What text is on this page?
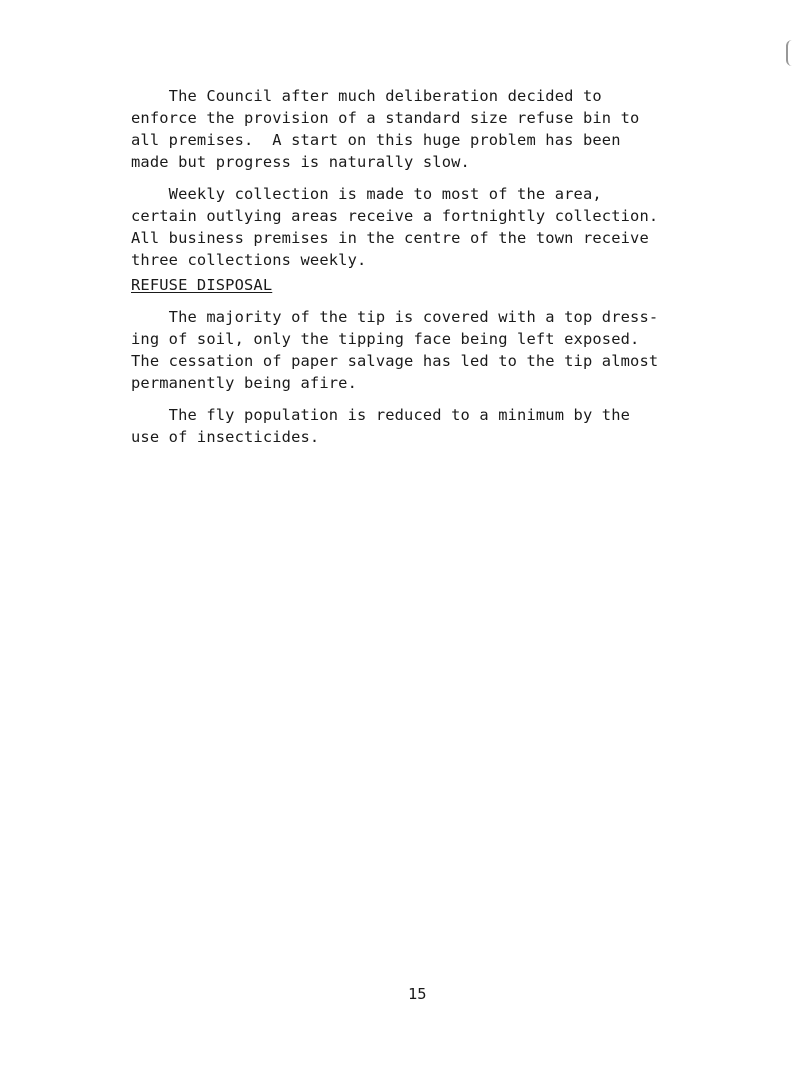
The Council after much deliberation decided to
enforce the provision of a standard size refuse bin to
all premises.  A start on this huge problem has been
made but progress is naturally slow.
Weekly collection is made to most of the area,
certain outlying areas receive a fortnightly collection.
All business premises in the centre of the town receive
three collections weekly.
REFUSE DISPOSAL
The majority of the tip is covered with a top dress-
ing of soil, only the tipping face being left exposed.
The cessation of paper salvage has led to the tip almost
permanently being afire.
The fly population is reduced to a minimum by the
use of insecticides.
15
